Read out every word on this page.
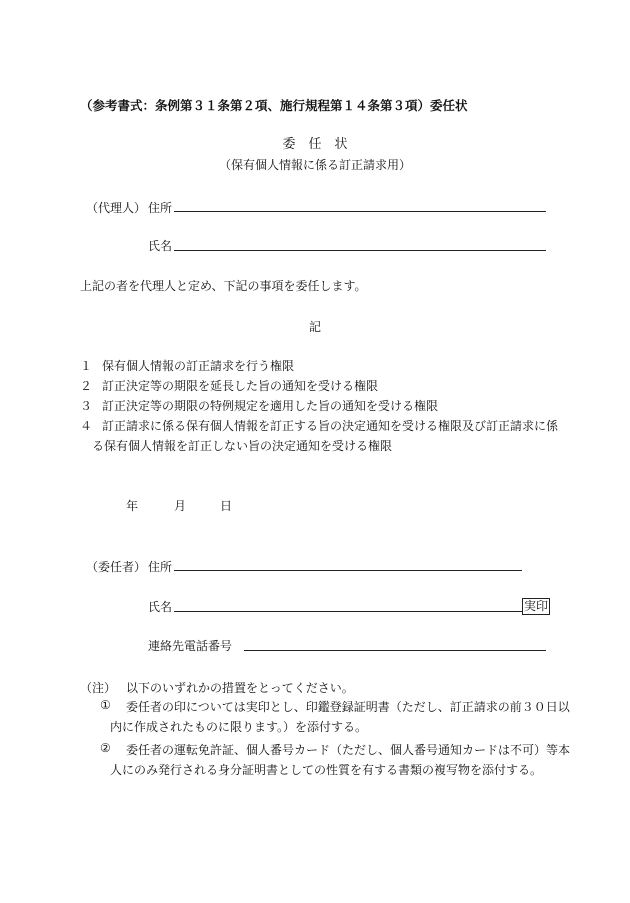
（参考書式：条例第３１条第２項、施行規程第１４条第３項）委任状
委　任　状
（保有個人情報に係る訂正請求用）
（代理人） 住所
氏名
上記の者を代理人と定め、下記の事項を委任します。
記
１ 保有個人情報の訂正請求を行う権限
２ 訂正決定等の期限を延長した旨の通知を受ける権限
３ 訂正決定等の期限の特例規定を適用した旨の通知を受ける権限
４ 訂正請求に係る保有個人情報を訂正する旨の決定通知を受ける権限及び訂正請求に係
る保有個人情報を訂正しない旨の決定通知を受ける権限
年	月	日
（委任者） 住所
氏名	実印
連絡先電話番号
（注） 以下のいずれかの措置をとってください。
① 委任者の印については実印とし、印鑑登録証明書（ただし、訂正請求の前３０日以
内に作成されたものに限ります。）を添付する。
② 委任者の運転免許証、個人番号カード（ただし、個人番号通知カードは不可）等本
人にのみ発行される身分証明書としての性質を有する書類の複写物を添付する。
